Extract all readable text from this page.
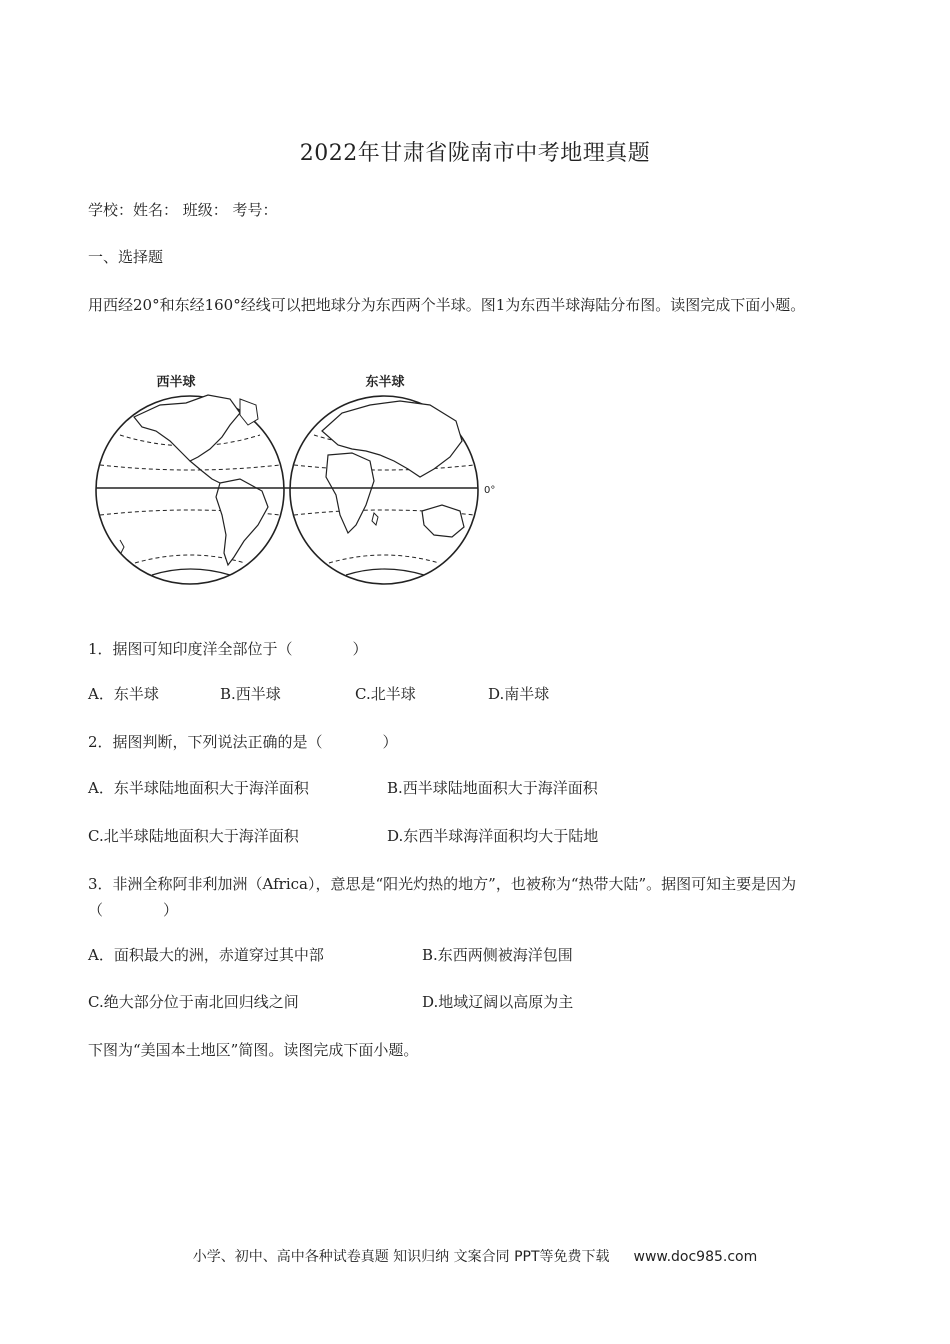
2022年甘肃省陇南市中考地理真题
学校：姓名： 班级： 考号：
一、选择题
用西经20°和东经160°经线可以把地球分为东西两个半球。图1为东西半球海陆分布图。读图完成下面小题。
西半球	东半球
0°
1．据图可知印度洋全部位于（　　　　）
A．东半球	B.西半球	C.北半球	D.南半球
2．据图判断，下列说法正确的是（　　　　）
A．东半球陆地面积大于海洋面积	B.西半球陆地面积大于海洋面积
C.北半球陆地面积大于海洋面积	D.东西半球海洋面积均大于陆地
3．非洲全称阿非利加洲（Africa），意思是“阳光灼热的地方”，也被称为“热带大陆”。据图可知主要是因为（　　　　）
A．面积最大的洲，赤道穿过其中部	B.东西两侧被海洋包围
C.绝大部分位于南北回归线之间	D.地域辽阔以高原为主
下图为“美国本土地区”简图。读图完成下面小题。
小学、初中、高中各种试卷真题 知识归纳 文案合同 PPT等免费下载 www.doc985.com
